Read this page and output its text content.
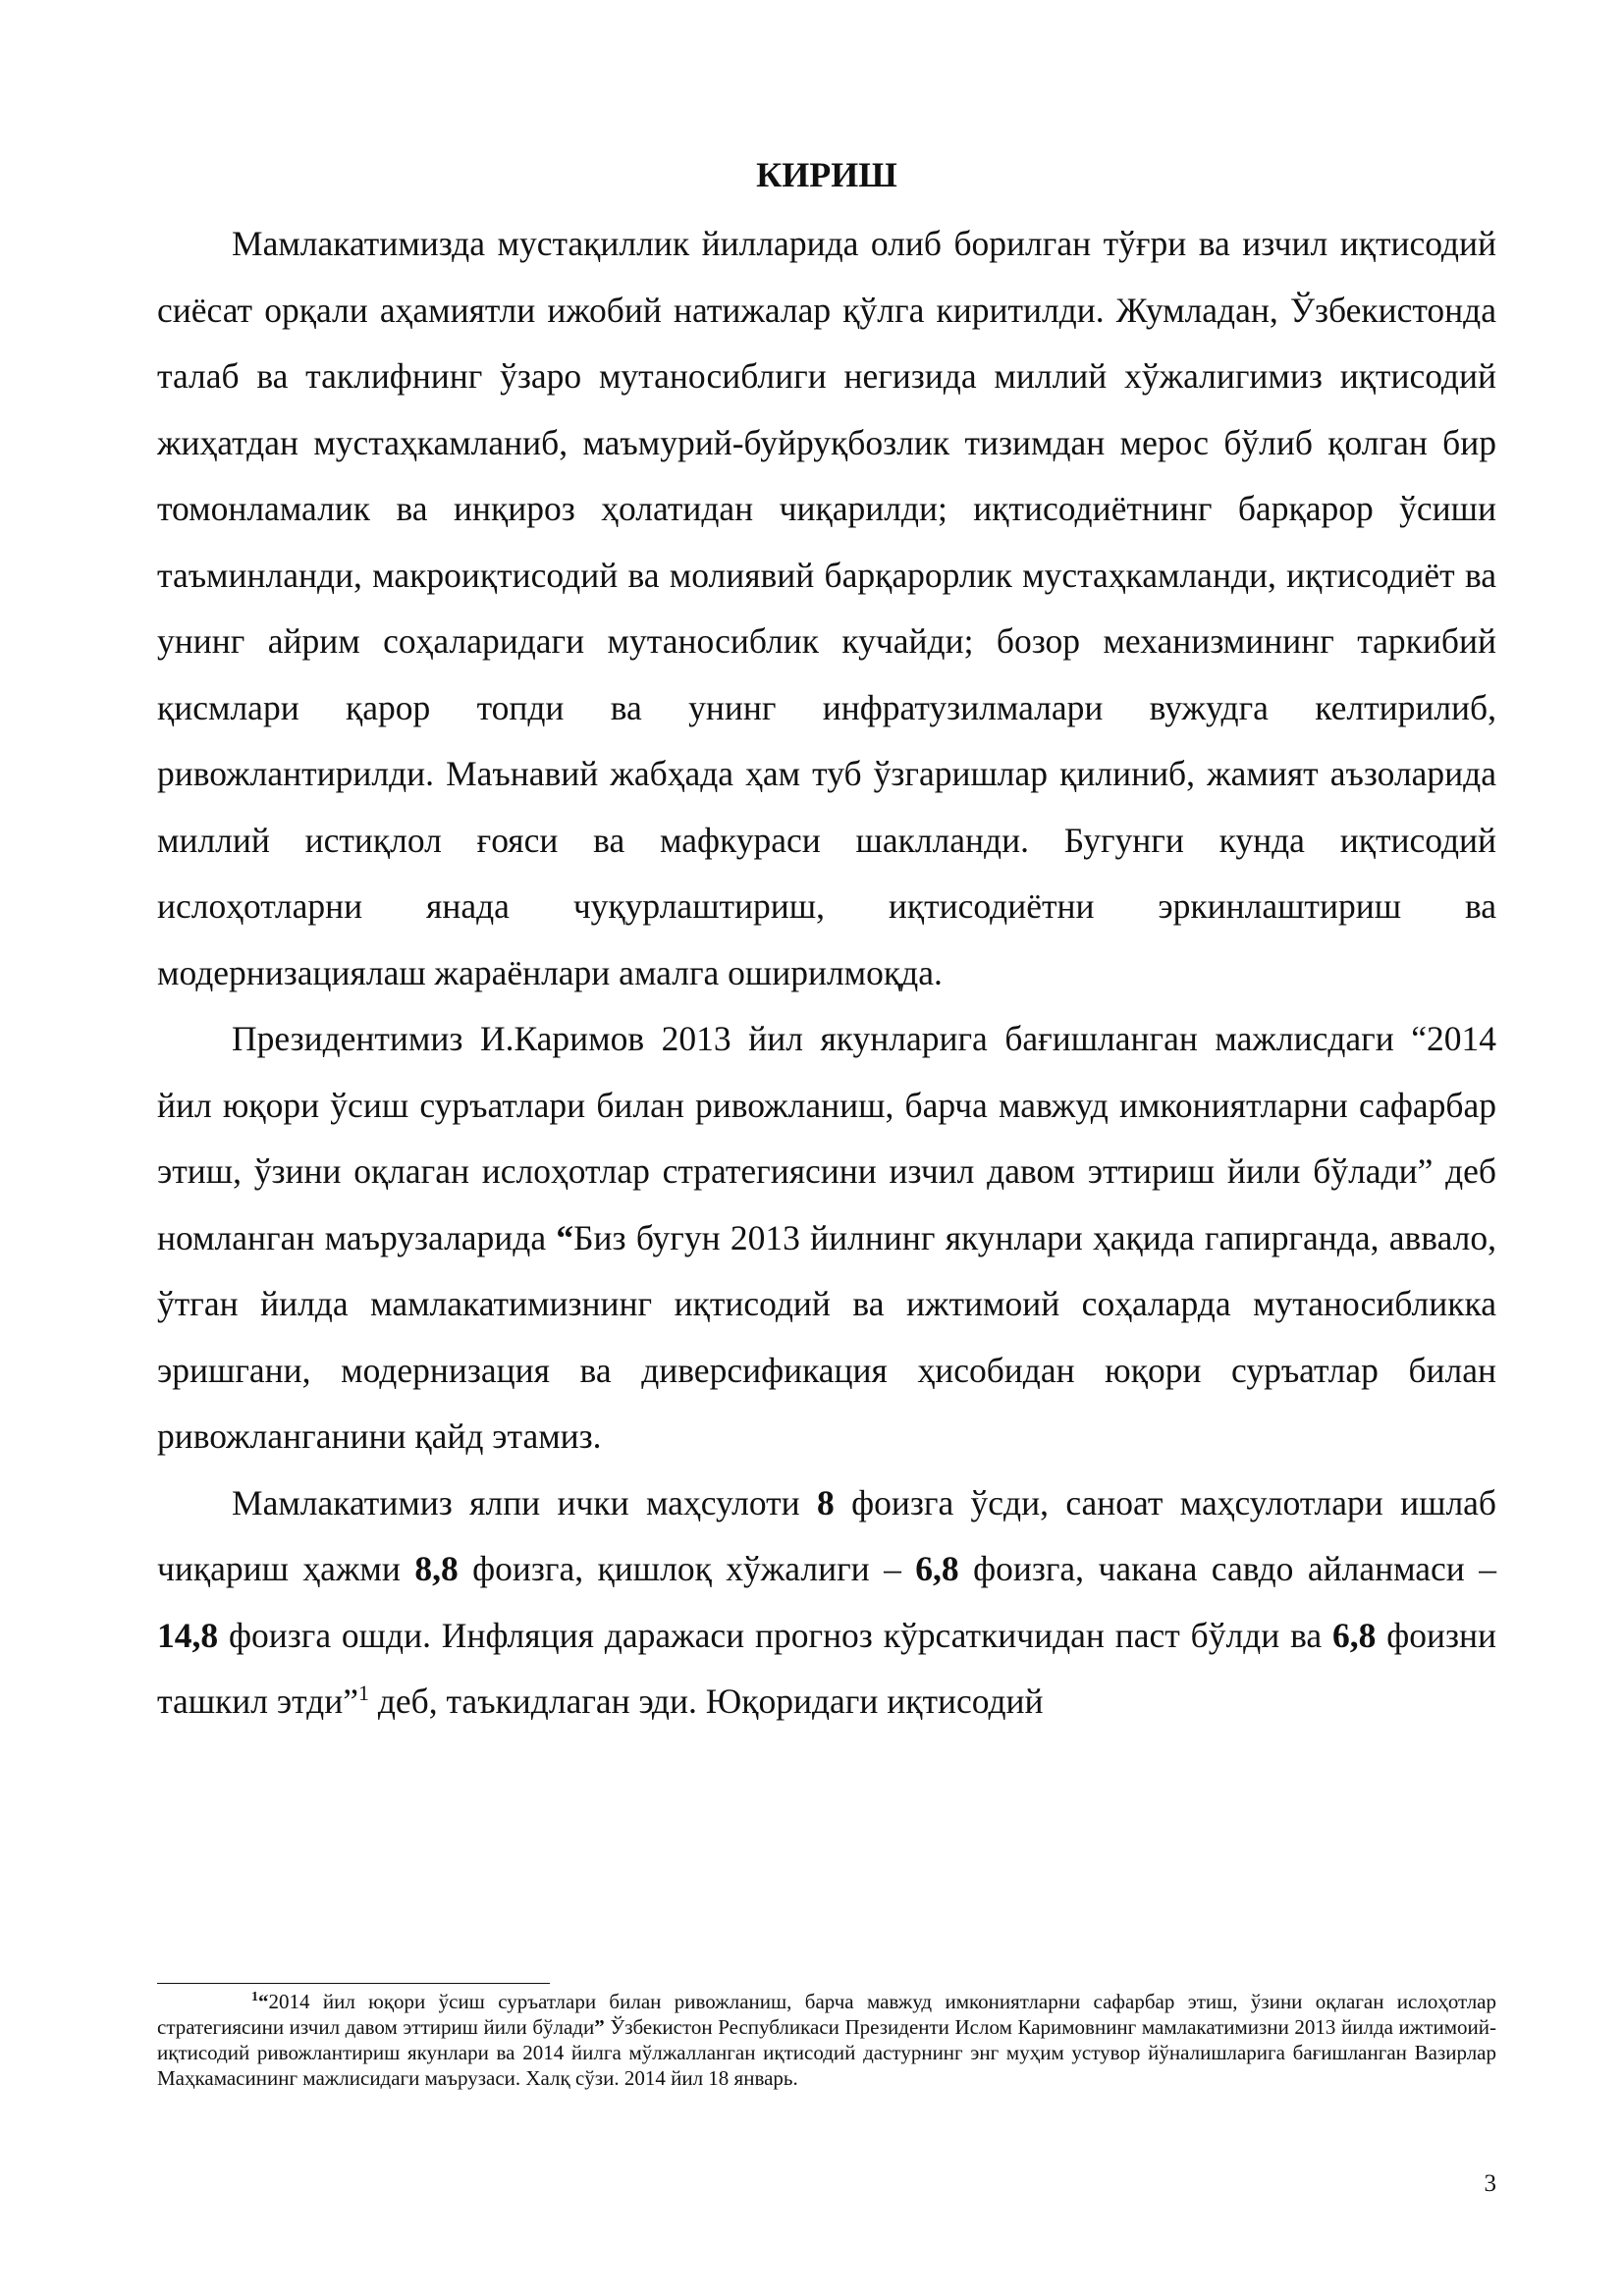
КИРИШ

Мамлакатимизда мустақиллик йилларида олиб борилган тўғри ва изчил иқтисодий сиёсат орқали аҳамиятли ижобий натижалар қўлга киритилди. Жумладан, Ўзбекистонда талаб ва таклифнинг ўзаро мутаносиблиги негизида миллий хўжалигимиз иқтисодий жиҳатдан мустаҳкамланиб, маъмурий-буйруқбозлик тизимдан мерос бўлиб қолган бир томонламалик ва инқироз ҳолатидан чиқарилди; иқтисодиётнинг барқарор ўсиши таъминланди, макроиқтисодий ва молиявий барқарорлик мустаҳкамланди, иқтисодиёт ва унинг айрим соҳаларидаги мутаносиблик кучайди; бозор механизмининг таркибий қисмлари қарор топди ва унинг инфратузилмалари вужудга келтирилиб, ривожлантирилди. Маънавий жабҳада ҳам туб ўзгаришлар қилиниб, жамият аъзоларида миллий истиқлол ғояси ва мафкураси шаклланди. Бугунги кунда иқтисодий ислоҳотларни янада чуқурлаштириш, иқтисодиётни эркинлаштириш ва модернизациялаш жараёнлари амалга оширилмоқда.

Президентимиз И.Каримов 2013 йил якунларига бағишланган мажлисдаги “2014 йил юқори ўсиш суръатлари билан ривожланиш, барча мавжуд имкониятларни сафарбар этиш, ўзини оқлаган ислоҳотлар стратегиясини изчил давом эттириш йили бўлади” деб номланган маърузаларида “Биз бугун 2013 йилнинг якунлари ҳақида гапирганда, аввало, ўтган йилда мамлакатимизнинг иқтисодий ва ижтимоий соҳаларда мутаносибликка эришгани, модернизация ва диверсификация ҳисобидан юқори суръатлар билан ривожланганини қайд этамиз.

Мамлакатимиз ялпи ички маҳсулоти 8 фоизга ўсди, саноат маҳсулотлари ишлаб чиқариш ҳажми 8,8 фоизга, қишлоқ хўжалиги – 6,8 фоизга, чакана савдо айланмаси – 14,8 фоизга ошди. Инфляция даражаси прогноз кўрсаткичидан паст бўлди ва 6,8 фоизни ташкил этди”$^1$ деб, таъкидлаган эди. Юқоридаги иқтисодий

$^1$“2014 йил юқори ўсиш суръатлари билан ривожланиш, барча мавжуд имкониятларни сафарбар этиш, ўзини оқлаган ислоҳотлар стратегиясини изчил давом эттириш йили бўлади” Ўзбекистон Республикаси Президенти Ислом Каримовнинг мамлакатимизни 2013 йилда ижтимоий-иқтисодий ривожлантириш якунлари ва 2014 йилга мўлжалланган иқтисодий дастурнинг энг муҳим устувор йўналишларига бағишланган Вазирлар Маҳкамасининг мажлисидаги маърузаси. Халқ сўзи. 2014 йил 18 январь.

3
